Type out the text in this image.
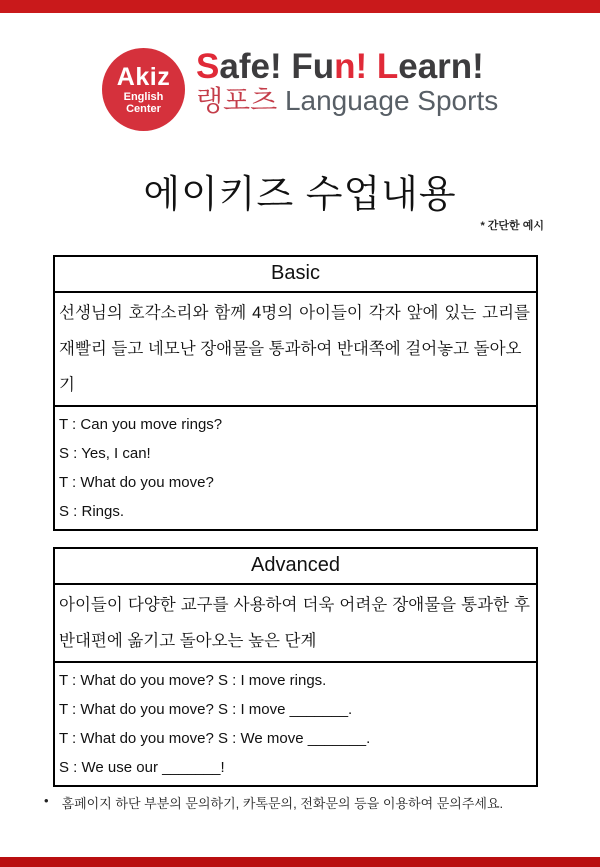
Akiz
English
Center
Safe! Fun! Learn!
랭포츠 Language Sports
에이키즈 수업내용
* 간단한 예시
Basic

선생님의 호각소리와 함께 4명의 아이들이 각자 앞에 있는 고리를

재빨리 들고 네모난 장애물을 통과하여 반대쪽에 걸어놓고 돌아오기

T : Can you move rings?

S : Yes, I can!

T : What do you move?

S : Rings.

Advanced

아이들이 다양한 교구를 사용하여 더욱 어려운 장애물을 통과한 후

반대편에 옮기고 돌아오는 높은 단계

T : What do you move? S : I move rings.

T : What do you move? S : I move _______.

T : What do you move? S : We move _______.

S : We use our _______!

• 홈페이지 하단 부분의 문의하기, 카톡문의, 전화문의 등을 이용하여 문의주세요.
